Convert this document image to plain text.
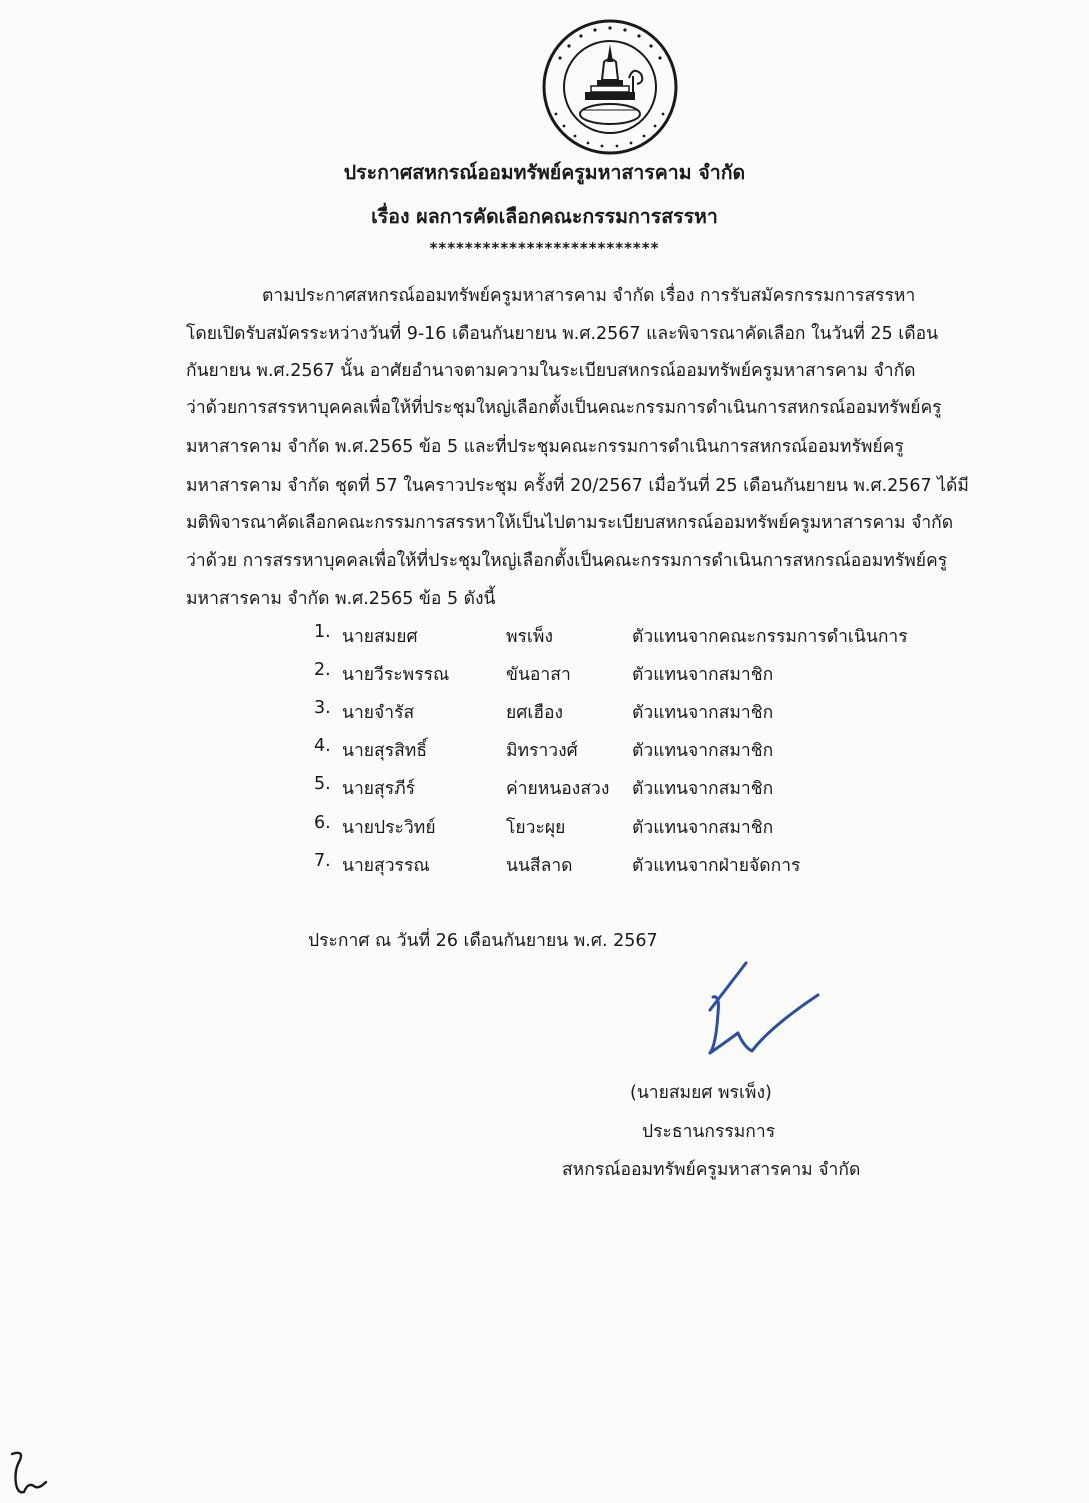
ประกาศสหกรณ์ออมทรัพย์ครูมหาสารคาม จำกัด
เรื่อง ผลการคัดเลือกคณะกรรมการสรรหา
**************************
ตามประกาศสหกรณ์ออมทรัพย์ครูมหาสารคาม จำกัด เรื่อง การรับสมัครกรรมการสรรหา
โดยเปิดรับสมัครระหว่างวันที่ 9-16 เดือนกันยายน พ.ศ.2567 และพิจารณาคัดเลือก ในวันที่ 25 เดือน
กันยายน พ.ศ.2567 นั้น อาศัยอำนาจตามความในระเบียบสหกรณ์ออมทรัพย์ครูมหาสารคาม จำกัด
ว่าด้วยการสรรหาบุคคลเพื่อให้ที่ประชุมใหญ่เลือกตั้งเป็นคณะกรรมการดำเนินการสหกรณ์ออมทรัพย์ครู
มหาสารคาม จำกัด พ.ศ.2565 ข้อ 5 และที่ประชุมคณะกรรมการดำเนินการสหกรณ์ออมทรัพย์ครู
มหาสารคาม จำกัด ชุดที่ 57 ในคราวประชุม ครั้งที่ 20/2567 เมื่อวันที่ 25 เดือนกันยายน พ.ศ.2567 ได้มี
มติพิจารณาคัดเลือกคณะกรรมการสรรหาให้เป็นไปตามระเบียบสหกรณ์ออมทรัพย์ครูมหาสารคาม จำกัด
ว่าด้วย การสรรหาบุคคลเพื่อให้ที่ประชุมใหญ่เลือกตั้งเป็นคณะกรรมการดำเนินการสหกรณ์ออมทรัพย์ครู
มหาสารคาม จำกัด พ.ศ.2565 ข้อ 5 ดังนี้
1. นายสมยศ	พรเพ็ง	ตัวแทนจากคณะกรรมการดำเนินการ
2. นายวีระพรรณ	ขันอาสา	ตัวแทนจากสมาชิก
3. นายจำรัส	ยศเฮือง	ตัวแทนจากสมาชิก
4. นายสุรสิทธิ์	มิทราวงศ์	ตัวแทนจากสมาชิก
5. นายสุรภีร์	ค่ายหนองสวง ตัวแทนจากสมาชิก
6. นายประวิทย์	โยวะผุย	ตัวแทนจากสมาชิก
7. นายสุวรรณ	นนสีลาด	ตัวแทนจากฝ่ายจัดการ
ประกาศ ณ วันที่ 26 เดือนกันยายน พ.ศ. 2567
(นายสมยศ พรเพ็ง)
ประธานกรรมการ
สหกรณ์ออมทรัพย์ครูมหาสารคาม จำกัด
